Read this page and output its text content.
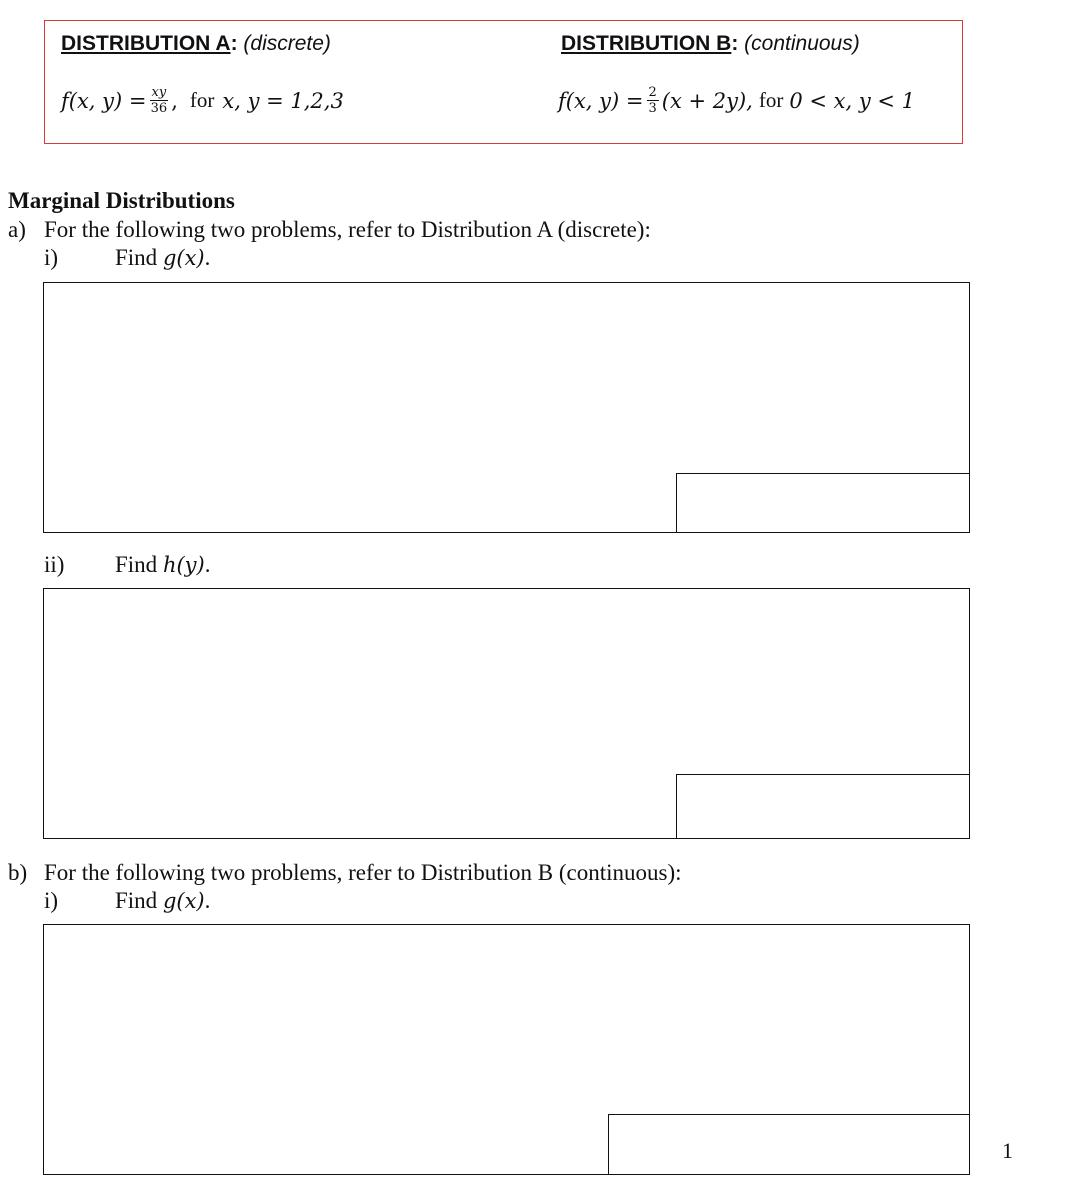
DISTRIBUTION A: (discrete)	DISTRIBUTION B: (continuous)
f(x, $y) = \frac{xy}{36}$ , for x, y = 1,2,3	f(x, $y) = \frac{2}{3} (x + 2y)$, for 0 < x, y < 1
Marginal Distributions
a) For the following two problems, refer to Distribution A (discrete):
i) Find g(x).
ii) Find h(y).
b) For the following two problems, refer to Distribution B (continuous):
i) Find g(x).
1
